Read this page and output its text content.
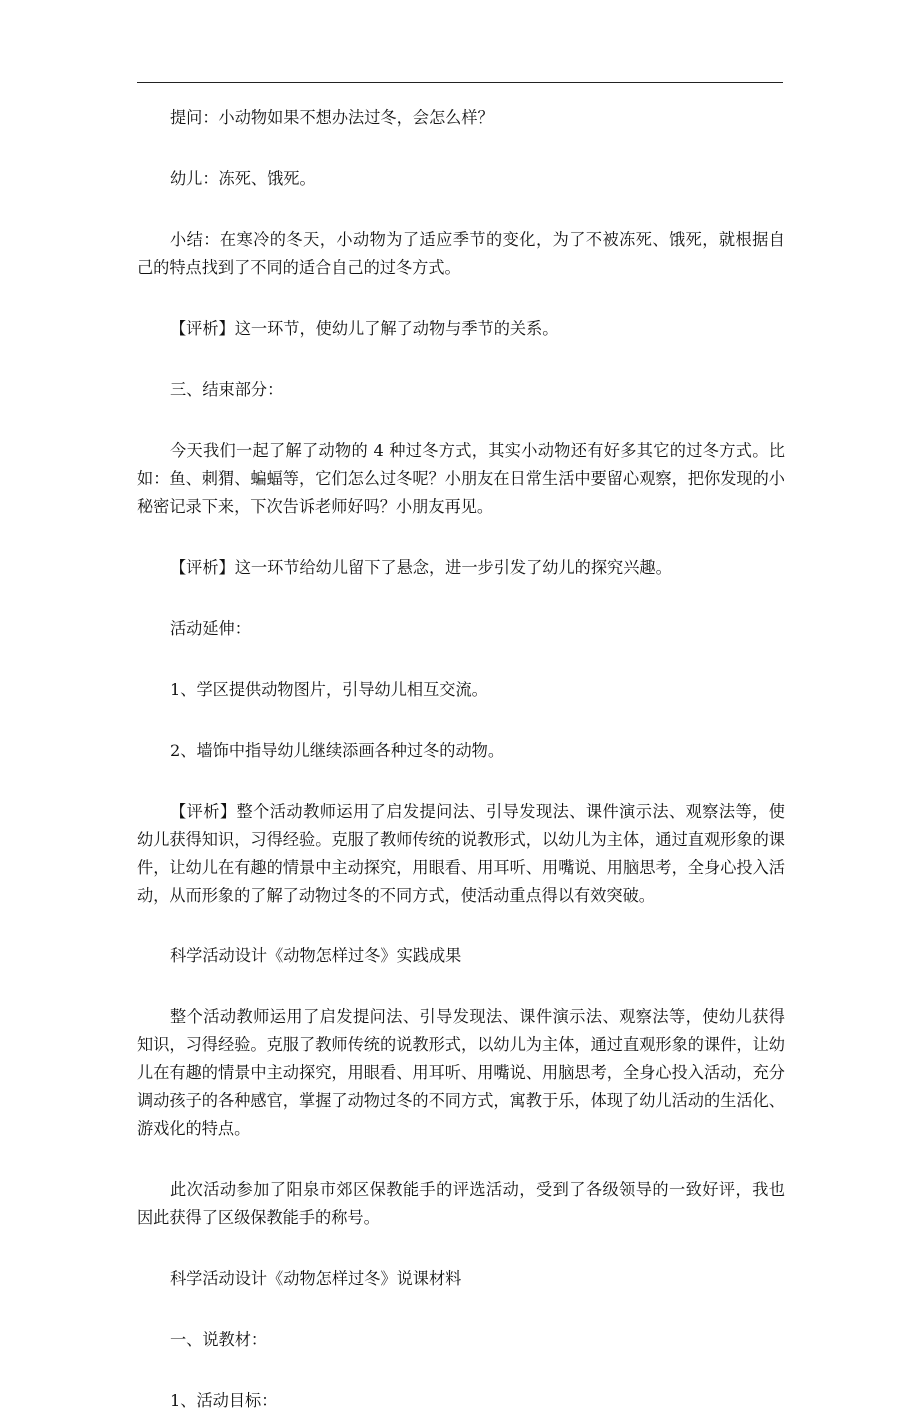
提问：小动物如果不想办法过冬，会怎么样？

幼儿：冻死、饿死。

小结：在寒冷的冬天，小动物为了适应季节的变化，为了不被冻死、饿死，就根据自己的特点找到了不同的适合自己的过冬方式。

【评析】这一环节，使幼儿了解了动物与季节的关系。

三、结束部分：

今天我们一起了解了动物的 4 种过冬方式，其实小动物还有好多其它的过冬方式。比如：鱼、刺猬、蝙蝠等，它们怎么过冬呢？小朋友在日常生活中要留心观察，把你发现的小秘密记录下来，下次告诉老师好吗？小朋友再见。

【评析】这一环节给幼儿留下了悬念，进一步引发了幼儿的探究兴趣。

活动延伸：

1、学区提供动物图片，引导幼儿相互交流。

2、墙饰中指导幼儿继续添画各种过冬的动物。

【评析】整个活动教师运用了启发提问法、引导发现法、课件演示法、观察法等，使幼儿获得知识，习得经验。克服了教师传统的说教形式，以幼儿为主体，通过直观形象的课件，让幼儿在有趣的情景中主动探究，用眼看、用耳听、用嘴说、用脑思考，全身心投入活动，从而形象的了解了动物过冬的不同方式，使活动重点得以有效突破。

科学活动设计《动物怎样过冬》实践成果

整个活动教师运用了启发提问法、引导发现法、课件演示法、观察法等，使幼儿获得知识，习得经验。克服了教师传统的说教形式，以幼儿为主体，通过直观形象的课件，让幼儿在有趣的情景中主动探究，用眼看、用耳听、用嘴说、用脑思考，全身心投入活动，充分调动孩子的各种感官，掌握了动物过冬的不同方式，寓教于乐，体现了幼儿活动的生活化、游戏化的特点。

此次活动参加了阳泉市郊区保教能手的评选活动，受到了各级领导的一致好评，我也因此获得了区级保教能手的称号。

科学活动设计《动物怎样过冬》说课材料

一、说教材：

1、活动目标：
